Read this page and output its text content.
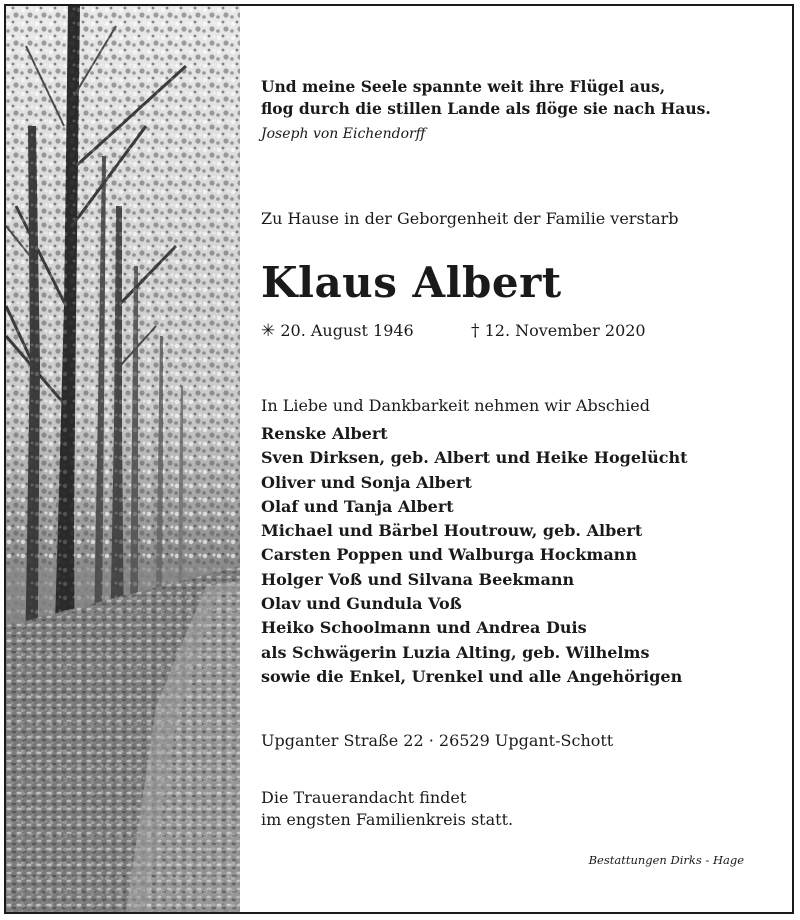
Und meine Seele spannte weit ihre Flügel aus,
flog durch die stillen Lande als flöge sie nach Haus.
Joseph von Eichendorff
Zu Hause in der Geborgenheit der Familie verstarb
Klaus Albert
✳ 20. August 1946	† 12. November 2020
In Liebe und Dankbarkeit nehmen wir Abschied
Renske Albert
Sven Dirksen, geb. Albert und Heike Hogelücht
Oliver und Sonja Albert
Olaf und Tanja Albert
Michael und Bärbel Houtrouw, geb. Albert
Carsten Poppen und Walburga Hockmann
Holger Voß und Silvana Beekmann
Olav und Gundula Voß
Heiko Schoolmann und Andrea Duis
als Schwägerin Luzia Alting, geb. Wilhelms
sowie die Enkel, Urenkel und alle Angehörigen
Upganter Straße 22 · 26529 Upgant-Schott
Die Trauerandacht findet
im engsten Familienkreis statt.
Bestattungen Dirks - Hage
